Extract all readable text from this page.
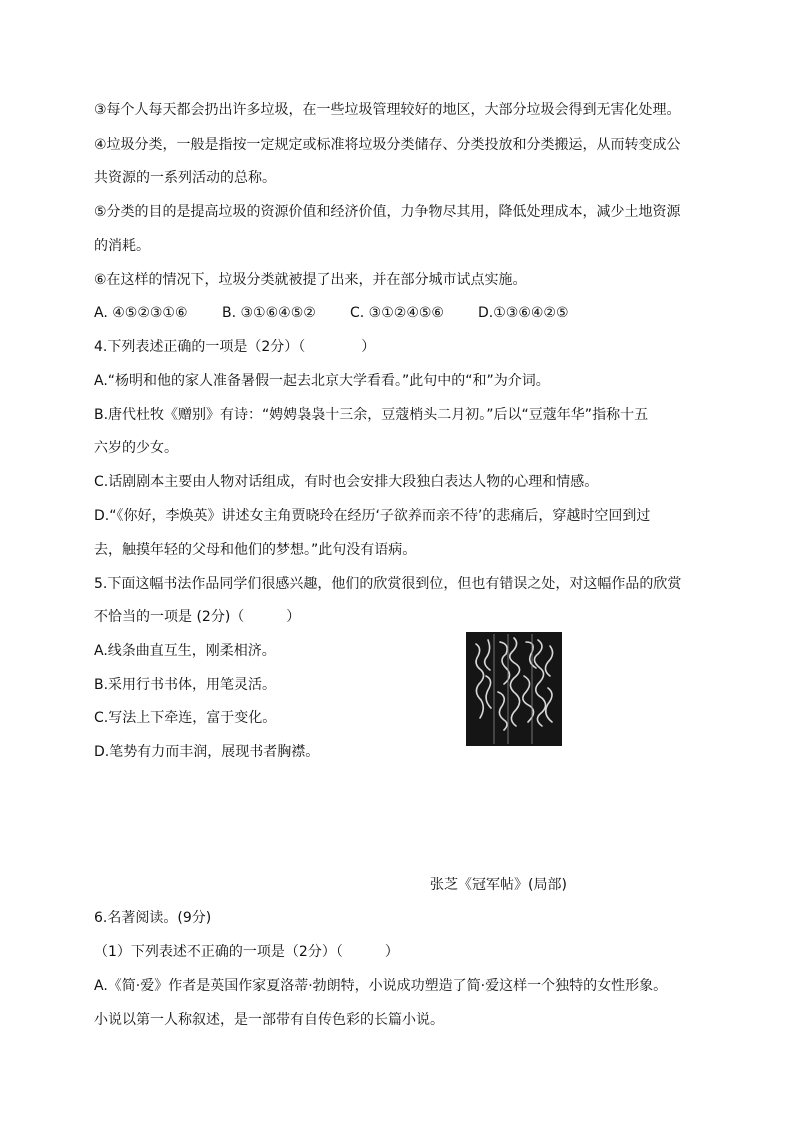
③每个人每天都会扔出许多垃圾，在一些垃圾管理较好的地区，大部分垃圾会得到无害化处理。
④垃圾分类，一般是指按一定规定或标准将垃圾分类储存、分类投放和分类搬运，从而转变成公
共资源的一系列活动的总称。
⑤分类的目的是提高垃圾的资源价值和经济价值，力争物尽其用，降低处理成本，减少土地资源
的消耗。
⑥在这样的情况下，垃圾分类就被提了出来，并在部分城市试点实施。
A. ④⑤②③①⑥ B. ③①⑥④⑤② C. ③①②④⑤⑥ D.①③⑥④②⑤
4.下列表述正确的一项是（2分）（　　　　）
A.“杨明和他的家人准备暑假一起去北京大学看看。”此句中的“和”为介词。
B.唐代杜牧《赠别》有诗：“娉娉袅袅十三余，豆蔻梢头二月初。”后以“豆蔻年华”指称十五
六岁的少女。
C.话剧剧本主要由人物对话组成，有时也会安排大段独白表达人物的心理和情感。
D.“《你好，李焕英》讲述女主角贾晓玲在经历‘子欲养而亲不待’的悲痛后，穿越时空回到过
去，触摸年轻的父母和他们的梦想。”此句没有语病。
5.下面这幅书法作品同学们很感兴趣，他们的欣赏很到位，但也有错误之处，对这幅作品的欣赏
不恰当的一项是 (2分)（　　　）
A.线条曲直互生，刚柔相济。
B.采用行书书体，用笔灵活。
C.写法上下牵连，富于变化。
D.笔势有力而丰润，展现书者胸襟。
张芝《冠军帖》(局部)
6.名著阅读。(9分)
（1）下列表述不正确的一项是（2分）（　　　）
A.《简·爱》作者是英国作家夏洛蒂·勃朗特，小说成功塑造了简·爱这样一个独特的女性形象。
小说以第一人称叙述，是一部带有自传色彩的长篇小说。
